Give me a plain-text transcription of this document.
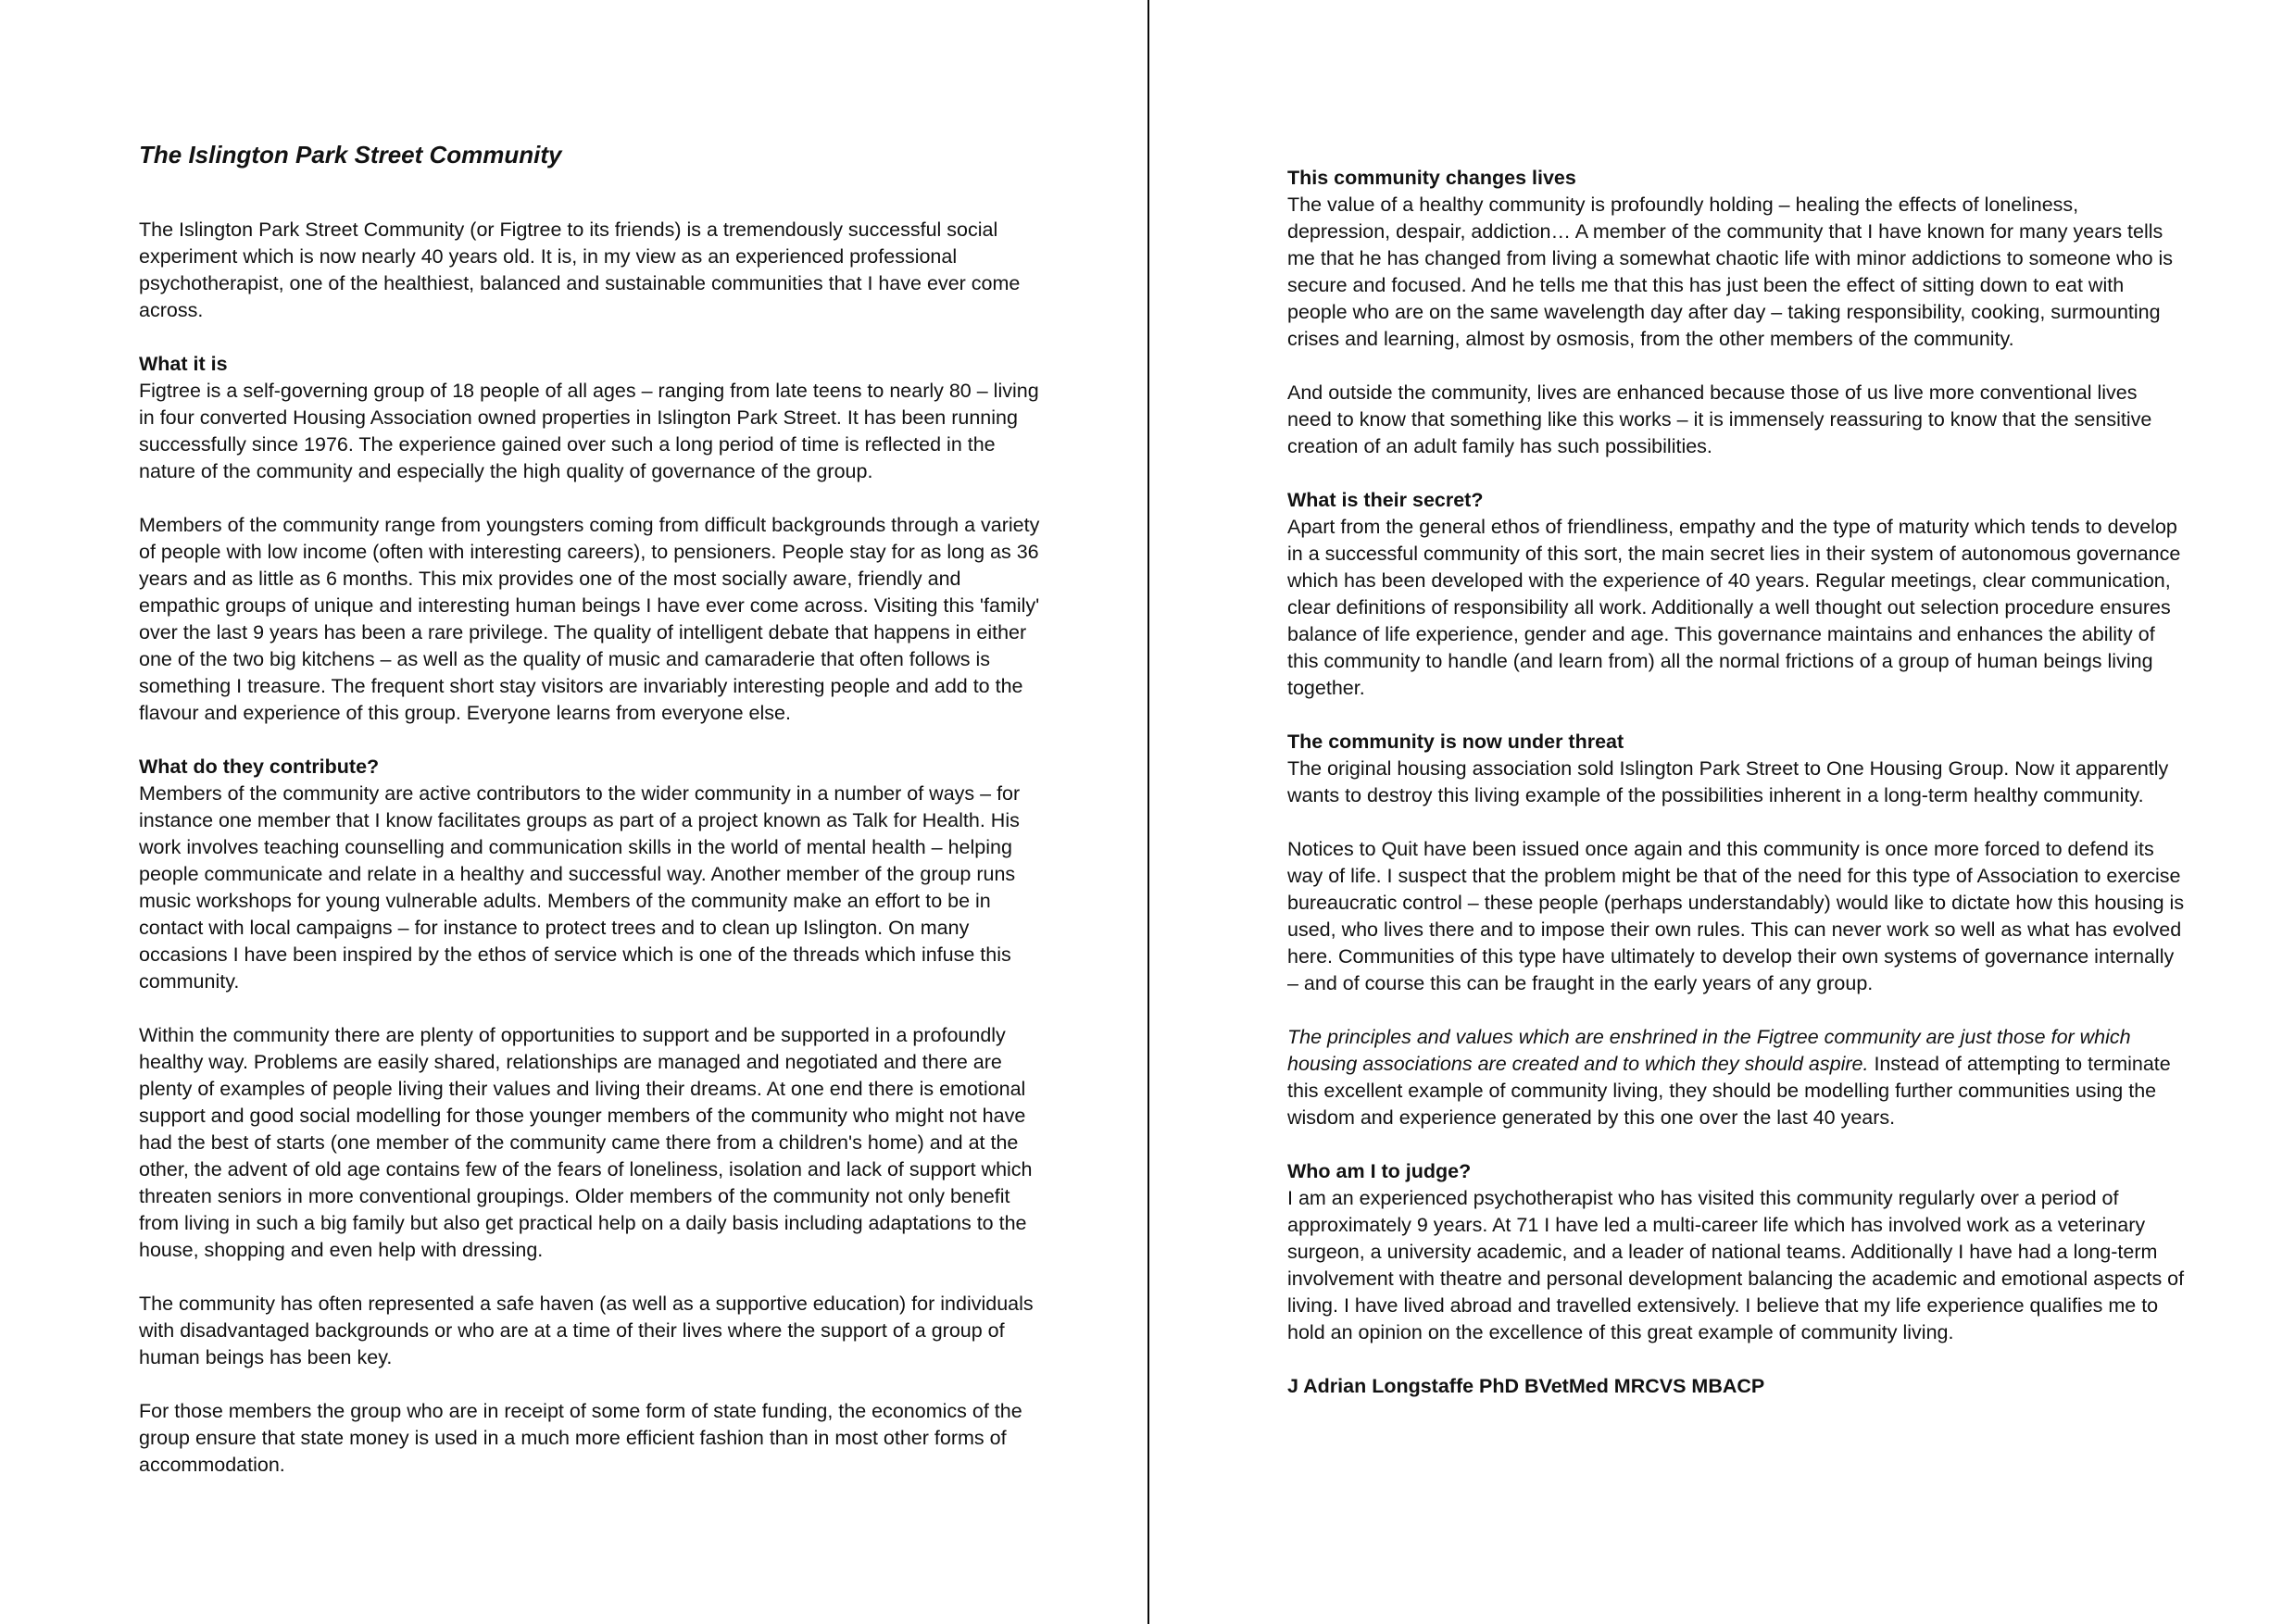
The Islington Park Street Community

The Islington Park Street Community (or Figtree to its friends) is a tremendously successful social experiment which is now nearly 40 years old. It is, in my view as an experienced professional psychotherapist, one of the healthiest, balanced and sustainable communities that I have ever come across.

What it is

Figtree is a self-governing group of 18 people of all ages – ranging from late teens to nearly 80 – living in four converted Housing Association owned properties in Islington Park Street. It has been running successfully since 1976. The experience gained over such a long period of time is reflected in the nature of the community and especially the high quality of governance of the group.

Members of the community range from youngsters coming from difficult backgrounds through a variety of people with low income (often with interesting careers), to pensioners. People stay for as long as 36 years and as little as 6 months. This mix provides one of the most socially aware, friendly and empathic groups of unique and interesting human beings I have ever come across. Visiting this 'family' over the last 9 years has been a rare privilege. The quality of intelligent debate that happens in either one of the two big kitchens – as well as the quality of music and camaraderie that often follows is something I treasure. The frequent short stay visitors are invariably interesting people and add to the flavour and experience of this group. Everyone learns from everyone else.

What do they contribute?

Members of the community are active contributors to the wider community in a number of ways – for instance one member that I know facilitates groups as part of a project known as Talk for Health. His work involves teaching counselling and communication skills in the world of mental health – helping people communicate and relate in a healthy and successful way. Another member of the group runs music workshops for young vulnerable adults. Members of the community make an effort to be in contact with local campaigns – for instance to protect trees and to clean up Islington. On many occasions I have been inspired by the ethos of service which is one of the threads which infuse this community.

Within the community there are plenty of opportunities to support and be supported in a profoundly healthy way. Problems are easily shared, relationships are managed and negotiated and there are plenty of examples of people living their values and living their dreams. At one end there is emotional support and good social modelling for those younger members of the community who might not have had the best of starts (one member of the community came there from a children's home) and at the other, the advent of old age contains few of the fears of loneliness, isolation and lack of support which threaten seniors in more conventional groupings. Older members of the community not only benefit from living in such a big family but also get practical help on a daily basis including adaptations to the house, shopping and even help with dressing.

The community has often represented a safe haven (as well as a supportive education) for individuals with disadvantaged backgrounds or who are at a time of their lives where the support of a group of human beings has been key.

For those members the group who are in receipt of some form of state funding, the economics of the group ensure that state money is used in a much more efficient fashion than in most other forms of accommodation.

This community changes lives

The value of a healthy community is profoundly holding – healing the effects of loneliness, depression, despair, addiction… A member of the community that I have known for many years tells me that he has changed from living a somewhat chaotic life with minor addictions to someone who is secure and focused. And he tells me that this has just been the effect of sitting down to eat with people who are on the same wavelength day after day – taking responsibility, cooking, surmounting crises and learning, almost by osmosis, from the other members of the community.

And outside the community, lives are enhanced because those of us live more conventional lives need to know that something like this works – it is immensely reassuring to know that the sensitive creation of an adult family has such possibilities.

What is their secret?

Apart from the general ethos of friendliness, empathy and the type of maturity which tends to develop in a successful community of this sort, the main secret lies in their system of autonomous governance which has been developed with the experience of 40 years. Regular meetings, clear communication, clear definitions of responsibility all work. Additionally a well thought out selection procedure ensures balance of life experience, gender and age. This governance maintains and enhances the ability of this community to handle (and learn from) all the normal frictions of a group of human beings living together.

The community is now under threat

The original housing association sold Islington Park Street to One Housing Group. Now it apparently wants to destroy this living example of the possibilities inherent in a long-term healthy community.

Notices to Quit have been issued once again and this community is once more forced to defend its way of life. I suspect that the problem might be that of the need for this type of Association to exercise bureaucratic control – these people (perhaps understandably) would like to dictate how this housing is used, who lives there and to impose their own rules. This can never work so well as what has evolved here. Communities of this type have ultimately to develop their own systems of governance internally – and of course this can be fraught in the early years of any group.

The principles and values which are enshrined in the Figtree community are just those for which housing associations are created and to which they should aspire. Instead of attempting to terminate this excellent example of community living, they should be modelling further communities using the wisdom and experience generated by this one over the last 40 years.

Who am I to judge?

I am an experienced psychotherapist who has visited this community regularly over a period of approximately 9 years. At 71 I have led a multi-career life which has involved work as a veterinary surgeon, a university academic, and a leader of national teams. Additionally I have had a long-term involvement with theatre and personal development balancing the academic and emotional aspects of living. I have lived abroad and travelled extensively. I believe that my life experience qualifies me to hold an opinion on the excellence of this great example of community living.

J Adrian Longstaffe PhD BVetMed MRCVS MBACP
